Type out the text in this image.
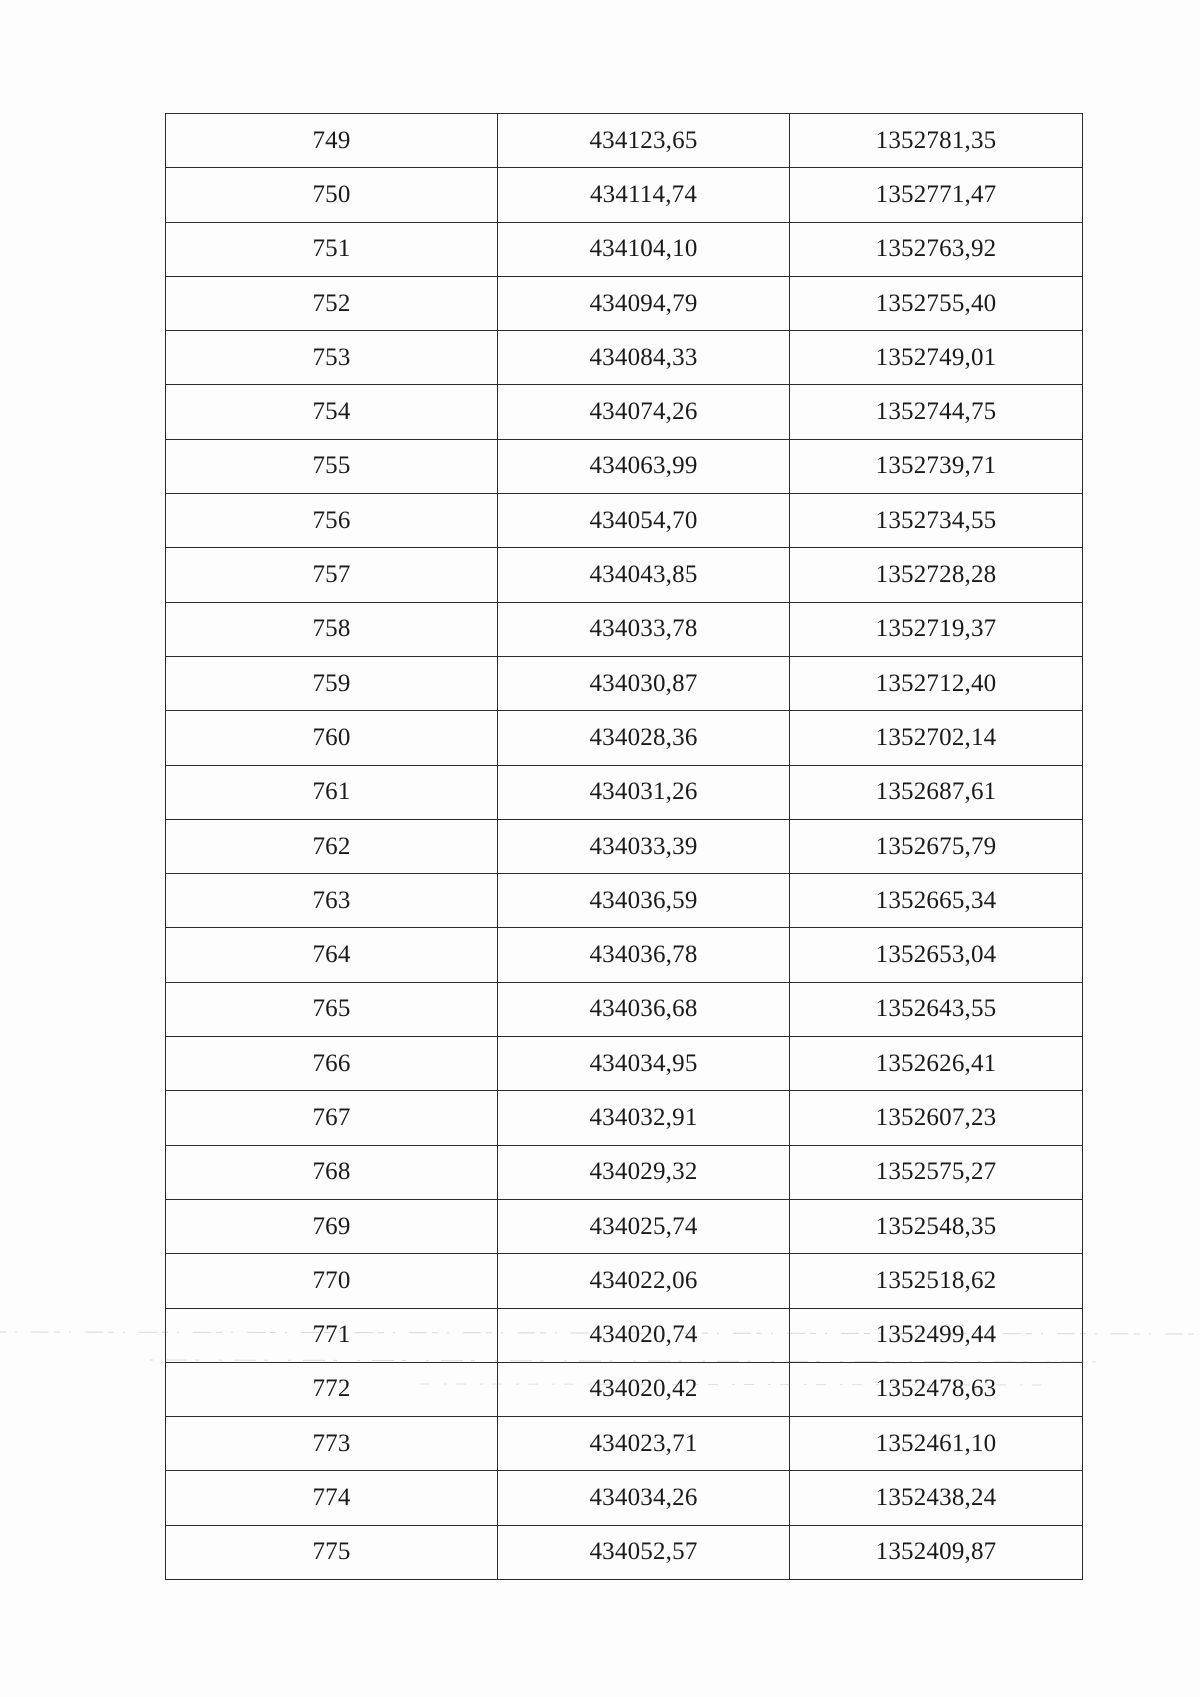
749	434123,65	1352781,35
750	434114,74	1352771,47
751	434104,10	1352763,92
752	434094,79	1352755,40
753	434084,33	1352749,01
754	434074,26	1352744,75
755	434063,99	1352739,71
756	434054,70	1352734,55
757	434043,85	1352728,28
758	434033,78	1352719,37
759	434030,87	1352712,40
760	434028,36	1352702,14
761	434031,26	1352687,61
762	434033,39	1352675,79
763	434036,59	1352665,34
764	434036,78	1352653,04
765	434036,68	1352643,55
766	434034,95	1352626,41
767	434032,91	1352607,23
768	434029,32	1352575,27
769	434025,74	1352548,35
770	434022,06	1352518,62
771	434020,74	1352499,44
772	434020,42	1352478,63
773	434023,71	1352461,10
774	434034,26	1352438,24
775	434052,57	1352409,87
